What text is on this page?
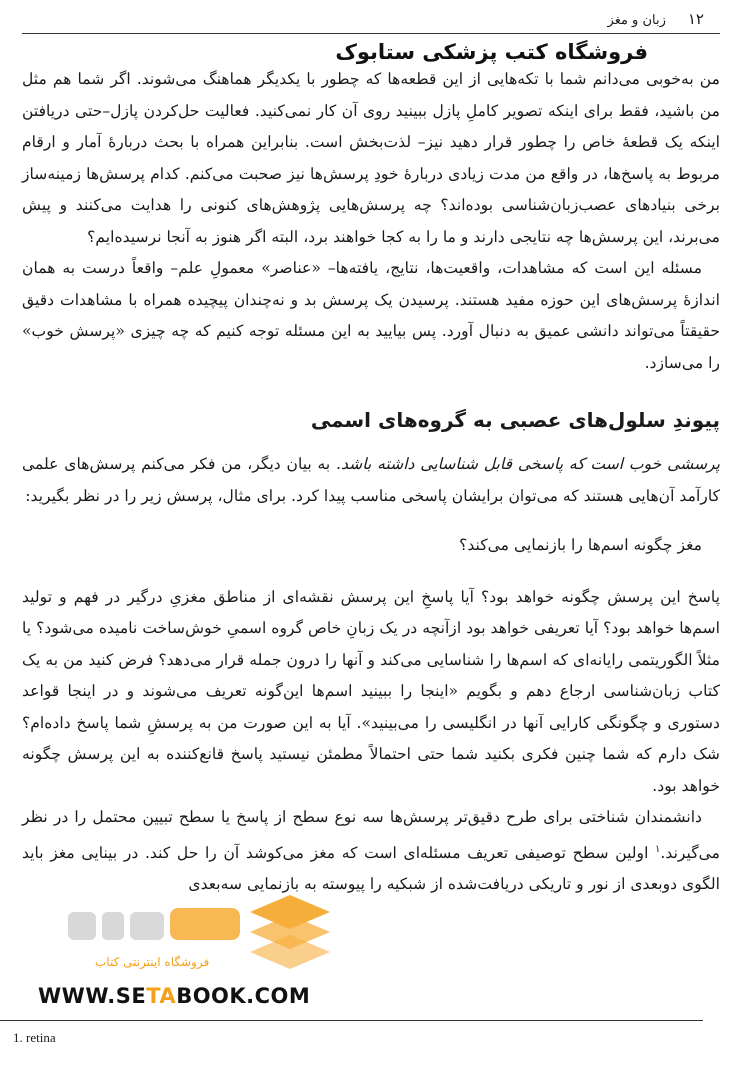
۱۲
زبان و مغز
فروشگاه کتب پزشکی ستابوک

من به‌خوبی می‌دانم شما با تکه‌هایی از این قطعه‌ها که چطور با یکدیگر هماهنگ می‌شوند. اگر شما هم مثل من باشید، فقط برای اینکه تصویر کاملِ پازل ببینید روی آن کار نمی‌کنید. فعالیت حل‌کردن پازل–حتی دریافتن اینکه یک قطعهٔ خاص را چطور قرار دهید نیز– لذت‌بخش است. بنابراین همراه با بحث دربارهٔ آمار و ارقام مربوط به پاسخ‌ها، در واقع من مدت زیادی دربارهٔ خودِ پرسش‌ها نیز صحبت می‌کنم. کدام پرسش‌ها زمینه‌ساز برخی بنیادهای عصب‌زبان‌شناسی بوده‌اند؟ چه پرسش‌هایی پژوهش‌های کنونی را هدایت می‌کنند و پیش می‌برند، این پرسش‌ها چه نتایجی دارند و ما را به کجا خواهند برد، البته اگر هنوز به آنجا نرسیده‌ایم؟

مسئله این است که مشاهدات، واقعیت‌ها، نتایج، یافته‌ها– «عناصر» معمولِ علم– واقعاً درست به همان اندازهٔ پرسش‌های این حوزه مفید هستند. پرسیدن یک پرسش بد و نه‌چندان پیچیده همراه با مشاهدات دقیق حقیقتاً می‌تواند دانشی عمیق به دنبال آورد. پس بیایید به این مسئله توجه کنیم که چه چیزی «پرسش خوب» را می‌سازد.

پیوندِ سلول‌های عصبی به گروه‌های اسمی

پرسشی خوب است که پاسخی قابل شناسایی داشته باشد. به بیان دیگر، من فکر می‌کنم پرسش‌های علمی کارآمد آن‌هایی هستند که می‌توان برایشان پاسخی مناسب پیدا کرد. برای مثال، پرسش زیر را در نظر بگیرید:

مغز چگونه اسم‌ها را بازنمایی می‌کند؟

پاسخ این پرسش چگونه خواهد بود؟ آیا پاسخِ این پرسش نقشه‌ای از مناطق مغزیِ درگیر در فهم و تولید اسم‌ها خواهد بود؟ آیا تعریفی خواهد بود ازآنچه در یک زبانِ خاص گروه اسمیِ خوش‌ساخت نامیده می‌شود؟ یا مثلاً الگوریتمی رایانه‌ای که اسم‌ها را شناسایی می‌کند و آنها را درون جمله قرار می‌دهد؟ فرض کنید من به یک کتاب زبان‌شناسی ارجاع دهم و بگویم «اینجا را ببینید اسم‌ها این‌گونه تعریف می‌شوند و در اینجا قواعد دستوری و چگونگی کارایی آنها در انگلیسی را می‌بینید». آیا به این صورت من به پرسشِ شما پاسخ داده‌ام؟ شک دارم که شما چنین فکری بکنید شما حتی احتمالاً مطمئن نیستید پاسخ قانع‌کننده به این پرسش چگونه خواهد بود.

دانشمندان شناختی برای طرح دقیق‌تر پرسش‌ها سه نوع سطح از پاسخ یا سطح تبیین محتمل را در نظر می‌گیرند.$^۱$ اولین سطح توصیفی تعریف مسئله‌ای است که مغز می‌کوشد آن را حل کند. در بینایی مغز باید الگوی دوبعدی از نور و تاریکی دریافت‌شده از شبکیه را پیوسته به بازنمایی سه‌بعدی

فروشگاه اینترنتی کتاب
WWW.SETABOOK.COM
1. retina
